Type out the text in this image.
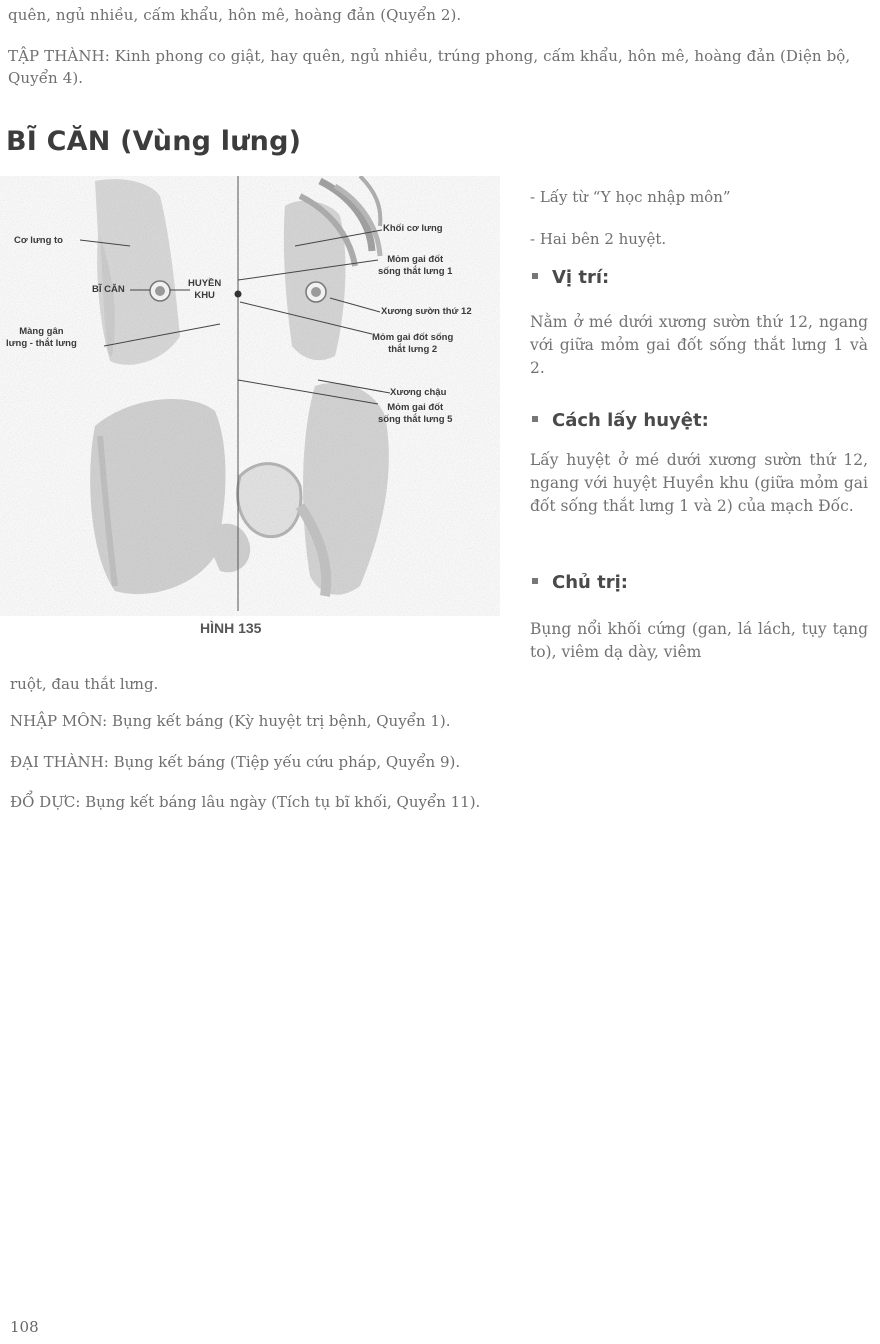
quên, ngủ nhiều, cấm khẩu, hôn mê, hoàng đản (Quyển 2).

TẬP THÀNH: Kinh phong co giật, hay quên, ngủ nhiều, trúng phong, cấm khẩu, hôn mê, hoàng đản (Diện bộ, Quyển 4).

BĨ CĂN (Vùng lưng)
Cơ lưng to
BĨ CĂN
HUYỀN
KHU
Màng gân
lưng - thắt lưng
Khối cơ lưng
Mỏm gai đốt
sống thắt lưng 1
Xương sườn thứ 12
Mỏm gai đốt sống
thắt lưng 2
Xương chậu
Mỏm gai đốt
sống thắt lưng 5
HÌNH 135

- Lấy từ “Y học nhập môn”

- Hai bên 2 huyệt.

Vị trí:

Nằm ở mé dưới xương sườn thứ 12, ngang với giữa mỏm gai đốt sống thắt lưng 1 và 2.

Cách lấy huyệt:

Lấy huyệt ở mé dưới xương sườn thứ 12, ngang với huyệt Huyền khu (giữa mỏm gai đốt sống thắt lưng 1 và 2) của mạch Đốc.

Chủ trị:

Bụng nổi khối cứng (gan, lá lách, tụy tạng to), viêm dạ dày, viêm

ruột, đau thắt lưng.

NHẬP MÔN: Bụng kết báng (Kỳ huyệt trị bệnh, Quyển 1).

ĐẠI THÀNH: Bụng kết báng (Tiệp yếu cứu pháp, Quyển 9).

ĐỔ DỰC: Bụng kết báng lâu ngày (Tích tụ bĩ khối, Quyển 11).

108
